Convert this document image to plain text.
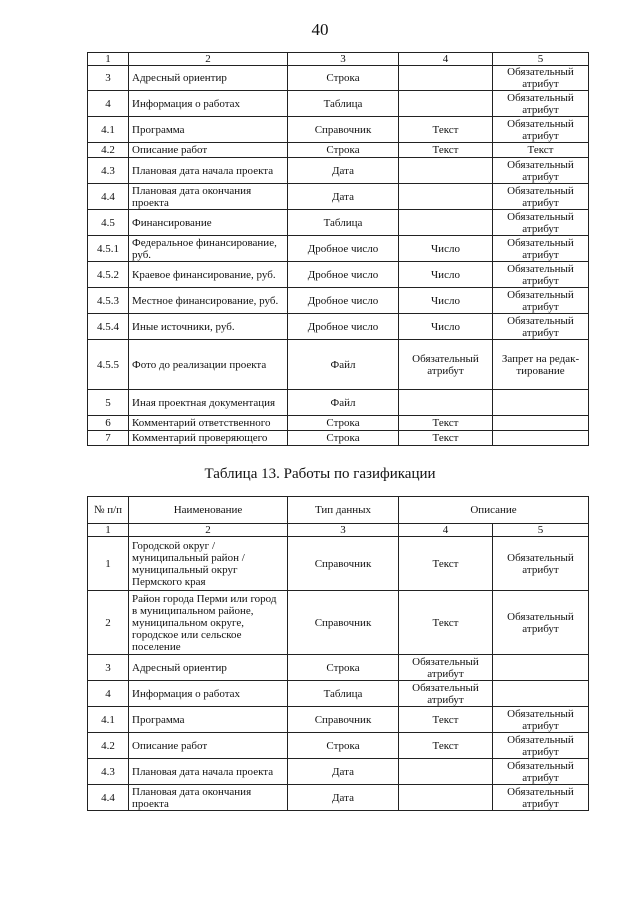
40
1	2	3	4	5
3	Адресный ориентир	Строка		Обязательный атрибут
4	Информация о работах	Таблица		Обязательный атрибут
4.1	Программа	Справочник	Текст	Обязательный атрибут
4.2	Описание работ	Строка	Текст	Текст
4.3	Плановая дата начала проекта	Дата		Обязательный атрибут
4.4	Плановая дата окончания проекта	Дата		Обязательный атрибут
4.5	Финансирование	Таблица		Обязательный атрибут
4.5.1	Федеральное финансирование, руб.	Дробное число	Число	Обязательный атрибут
4.5.2	Краевое финансирование, руб.	Дробное число	Число	Обязательный атрибут
4.5.3	Местное финансирование, руб.	Дробное число	Число	Обязательный атрибут
4.5.4	Иные источники, руб.	Дробное число	Число	Обязательный атрибут
4.5.5	Фото до реализации проекта	Файл	Обязательный атрибут	Запрет на редак-тирование
5	Иная проектная документация	Файл		
6	Комментарий ответственного	Строка	Текст	
7	Комментарий проверяющего	Строка	Текст	
Таблица 13. Работы по газификации
№ п/п	Наименование	Тип данных	Описание	
1	2	3	4	5
1	Городской округ / муниципальный район / муниципальный округ Пермского края	Справочник	Текст	Обязательный атрибут
2	Район города Перми или город в муниципальном районе, муниципальном округе, городское или сельское поселение	Справочник	Текст	Обязательный атрибут
3	Адресный ориентир	Строка	Обязательный атрибут	
4	Информация о работах	Таблица	Обязательный атрибут	
4.1	Программа	Справочник	Текст	Обязательный атрибут
4.2	Описание работ	Строка	Текст	Обязательный атрибут
4.3	Плановая дата начала проекта	Дата		Обязательный атрибут
4.4	Плановая дата окончания проекта	Дата		Обязательный атрибут
